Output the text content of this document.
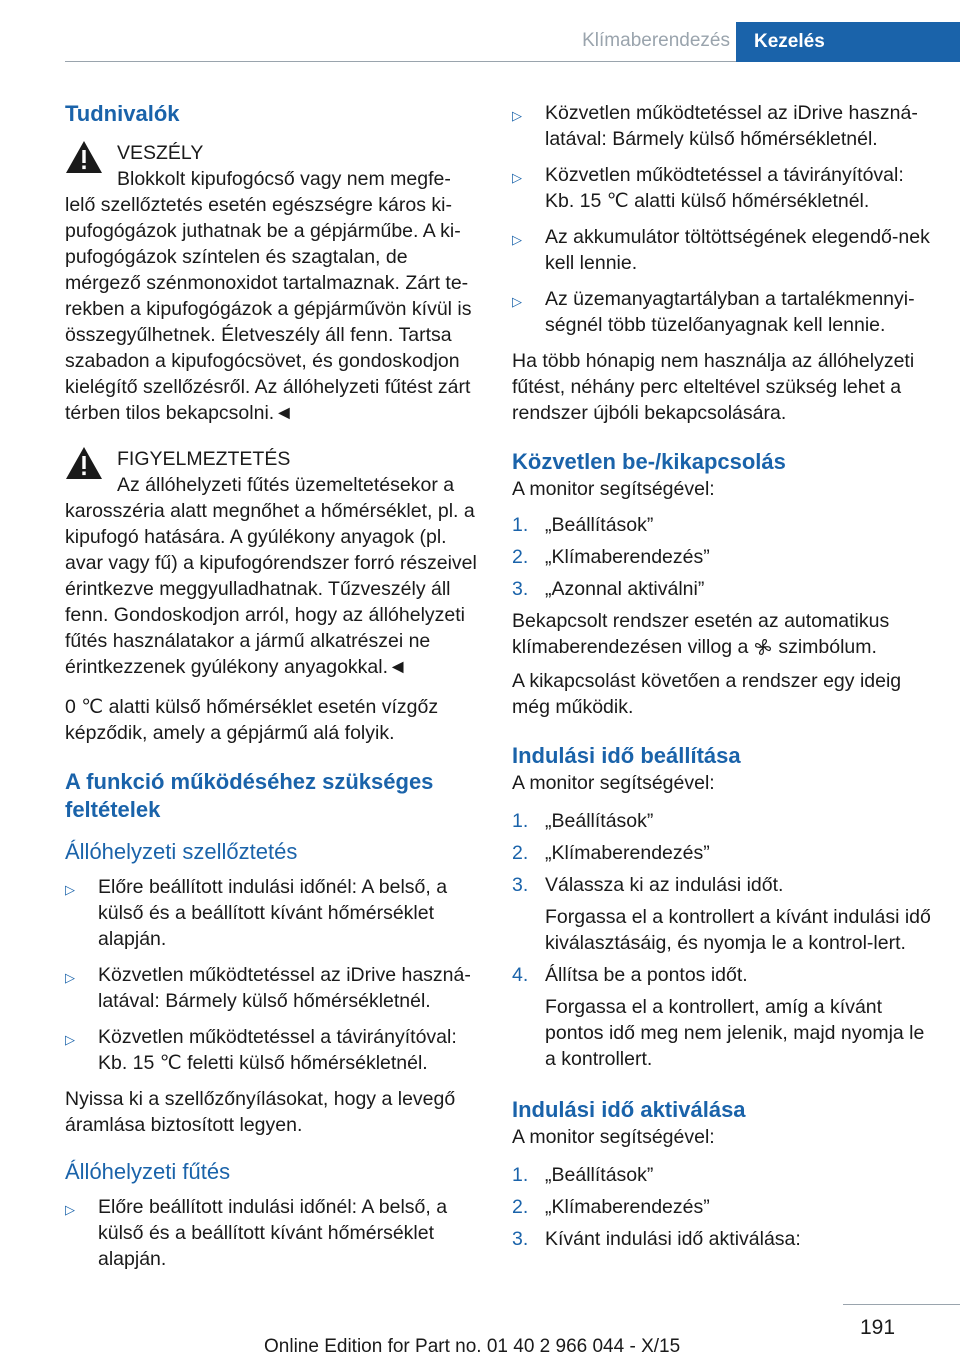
Klímaberendezés	Kezelés
Tudnivalók

VESZÉLY

Blokkolt kipufogócső vagy nem megfe-lelő szellőztetés esetén egészségre káros ki-pufogógázok juthatnak be a gépjárműbe. A ki-pufogógázok színtelen és szagtalan, de mérgező szénmonoxidot tartalmaznak. Zárt te-rekben a kipufogógázok a gépjárművön kívül is összegyűlhetnek. Életveszély áll fenn. Tartsa szabadon a kipufogócsövet, és gondoskodjon kielégítő szellőzésről. Az állóhelyzeti fűtést zárt térben tilos bekapcsolni.◄

FIGYELMEZTETÉS

Az állóhelyzeti fűtés üzemeltetésekor a karosszéria alatt megnőhet a hőmérséklet, pl. a kipufogó hatására. A gyúlékony anyagok (pl. avar vagy fű) a kipufogórendszer forró részeivel érintkezve meggyulladhatnak. Tűzveszély áll fenn. Gondoskodjon arról, hogy az állóhelyzeti fűtés használatakor a jármű alkatrészei ne érintkezzenek gyúlékony anyagokkal.◄

0 ℃ alatti külső hőmérséklet esetén vízgőz képződik, amely a gépjármű alá folyik.

A funkció működéséhez szükséges feltételek
Állóhelyzeti szellőztetés
▷ Előre beállított indulási időnél: A belső, a külső és a beállított kívánt hőmérséklet alapján.
▷ Közvetlen működtetéssel az iDrive haszná-latával: Bármely külső hőmérsékletnél.
▷ Közvetlen működtetéssel a távirányítóval: Kb. 15 ℃ feletti külső hőmérsékletnél.

Nyissa ki a szellőzőnyílásokat, hogy a levegő áramlása biztosított legyen.

Állóhelyzeti fűtés
▷ Előre beállított indulási időnél: A belső, a külső és a beállított kívánt hőmérséklet alapján.
▷ Közvetlen működtetéssel az iDrive haszná-latával: Bármely külső hőmérsékletnél.
▷ Közvetlen működtetéssel a távirányítóval: Kb. 15 ℃ alatti külső hőmérsékletnél.
▷ Az akkumulátor töltöttségének elegendő-nek kell lennie.
▷ Az üzemanyagtartályban a tartalékmennyi-ségnél több tüzelőanyagnak kell lennie.

Ha több hónapig nem használja az állóhelyzeti fűtést, néhány perc elteltével szükség lehet a rendszer újbóli bekapcsolására.

Közvetlen be-/kikapcsolás

A monitor segítségével:

1. „Beállítások”
2. „Klímaberendezés”
3. „Azonnal aktiválni”

Bekapcsolt rendszer esetén az automatikus klímaberendezésen villog a szimbólum.

A kikapcsolást követően a rendszer egy ideig még működik.

Indulási idő beállítása

A monitor segítségével:

1. „Beállítások”
2. „Klímaberendezés”
3. Válassza ki az indulási időt.
Forgassa el a kontrollert a kívánt indulási idő kiválasztásáig, és nyomja le a kontrol-lert.
4. Állítsa be a pontos időt.
Forgassa el a kontrollert, amíg a kívánt pontos idő meg nem jelenik, majd nyomja le a kontrollert.
Indulási idő aktiválása

A monitor segítségével:

1. „Beállítások”
2. „Klímaberendezés”
3. Kívánt indulási idő aktiválása:
191
Online Edition for Part no. 01 40 2 966 044 - X/15
